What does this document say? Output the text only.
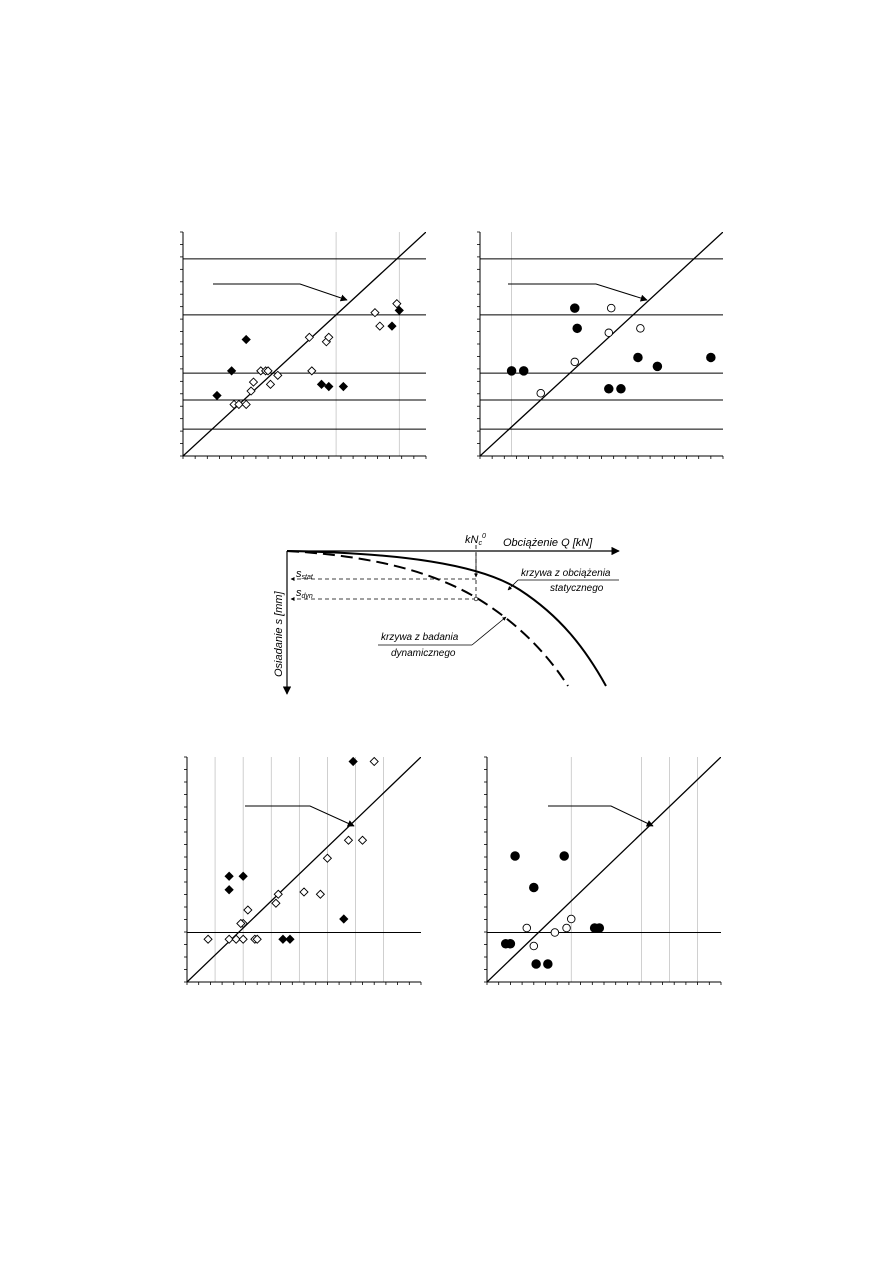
Obciążenie Q [kN]
Osiadanie s [mm]
kNc$^0$
sstat
sdyn
krzywa z obciążenia
statycznego
krzywa z badania
dynamicznego
